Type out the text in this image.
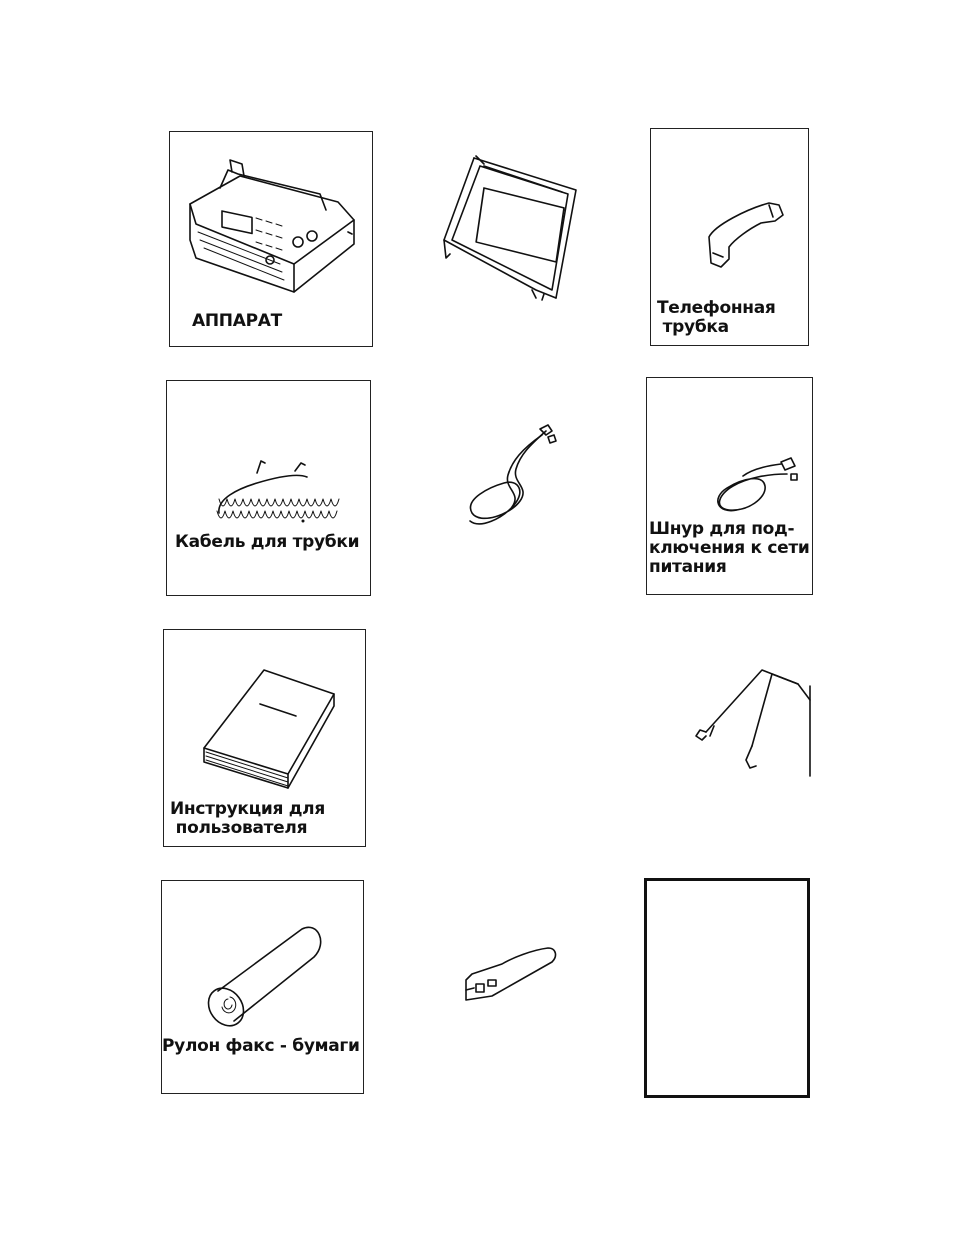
АППАРАТ
Телефонная
трубка
Кабель для трубки
Шнур для под-
ключения к сети
питания
Инструкция для
пользователя
Рулон факс - бумаги
